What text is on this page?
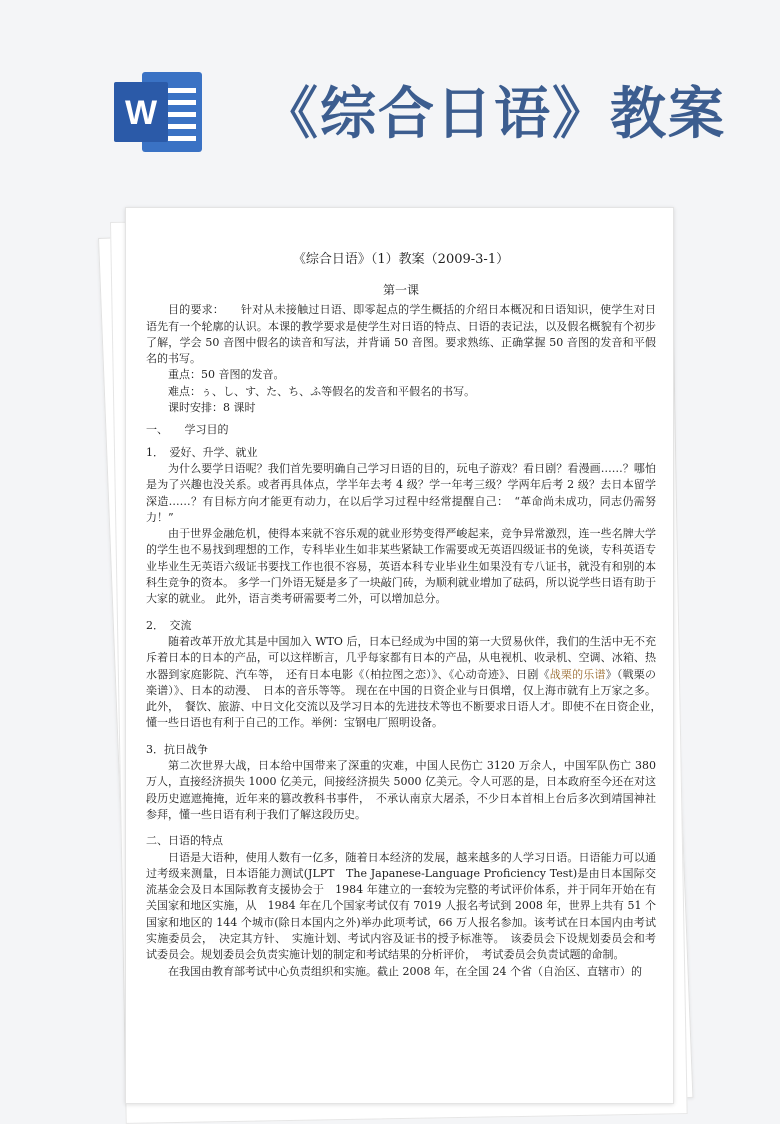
W 《综合日语》教案

《综合日语》（1）教案（2009-3-1）

第一课

目的要求：　　针对从未接触过日语、即零起点的学生概括的介绍日本概况和日语知识，使学生对日语先有一个轮廓的认识。本课的教学要求是使学生对日语的特点、日语的表记法，以及假名概貌有个初步了解，学会 50 音图中假名的读音和写法，并背诵 50 音图。要求熟练、正确掌握 50 音图的发音和平假名的书写。

重点：50 音图的发音。

难点：ぅ、し、す、た、ち、ふ等假名的发音和平假名的书写。

课时安排：8 课时

一、　　学习目的

1．　爱好、升学、就业

为什么要学日语呢？我们首先要明确自己学习日语的目的，玩电子游戏？看日剧？看漫画……？哪怕是为了兴趣也没关系。或者再具体点，学半年去考 4 级？学一年考三级？学两年后考 2 级？去日本留学深造……？有目标方向才能更有动力，在以后学习过程中经常提醒自己：　“革命尚未成功，同志仍需努力！”

由于世界金融危机，使得本来就不容乐观的就业形势变得严峻起来，竞争异常激烈，连一些名牌大学的学生也不易找到理想的工作，专科毕业生如非某些紧缺工作需要或无英语四级证书的免谈，专科英语专业毕业生无英语六级证书要找工作也很不容易，英语本科专业毕业生如果没有专八证书，就没有和别的本科生竞争的资本。 多学一门外语无疑是多了一块敲门砖，为顺利就业增加了砝码，所以说学些日语有助于大家的就业。 此外，语言类考研需要考二外，可以增加总分。

2．　交流

随着改革开放尤其是中国加入 WTO 后，日本已经成为中国的第一大贸易伙伴，我们的生活中无不充斥着日本的日本的产品，可以这样断言，几乎每家都有日本的产品，从电视机、收录机、空调、冰箱、热水器到家庭影院、汽车等，　还有日本电影《（柏拉图之恋）》、《心动奇迹》、日剧《战栗的乐谱》（戦栗の楽谱）》、日本的动漫、　日本的音乐等等。 现在在中国的日资企业与日俱增，仅上海市就有上万家之多。此外，　餐饮、旅游、中日文化交流以及学习日本的先进技术等也不断要求日语人才。即使不在日资企业，　懂一些日语也有利于自己的工作。举例：宝钢电厂照明设备。

3．抗日战争

第二次世界大战，日本给中国带来了深重的灾难，中国人民伤亡 3120 万余人，中国军队伤亡 380 万人，直接经济损失 1000 亿美元，间接经济损失 5000 亿美元。令人可恶的是，日本政府至今还在对这段历史遮遮掩掩，近年来的篡改教科书事件，　不承认南京大屠杀，不少日本首相上台后多次到靖国神社参拜，懂一些日语有利于我们了解这段历史。

二、日语的特点

日语是大语种，使用人数有一亿多，随着日本经济的发展，越来越多的人学习日语。日语能力可以通过考级来测量，日本语能力测试(JLPT　The Japanese-Language Proficiency Test)是由日本国际交流基金会及日本国际教育支援协会于　1984 年建立的一套较为完整的考试评价体系，并于同年开始在有关国家和地区实施，从　1984 年在几个国家考试仅有 7019 人报名考试到 2008 年，世界上共有 51 个国家和地区的 144 个城市(除日本国内之外)举办此项考试，66 万人报名参加。该考试在日本国内由考试实施委员会，　决定其方针、　实施计划、考试内容及证书的授予标准等。　该委员会下设规划委员会和考试委员会。规划委员会负责实施计划的制定和考试结果的分析评价，　考试委员会负责试题的命制。

在我国由教育部考试中心负责组织和实施。截止 2008 年，在全国 24 个省（自治区、直辖市）的
